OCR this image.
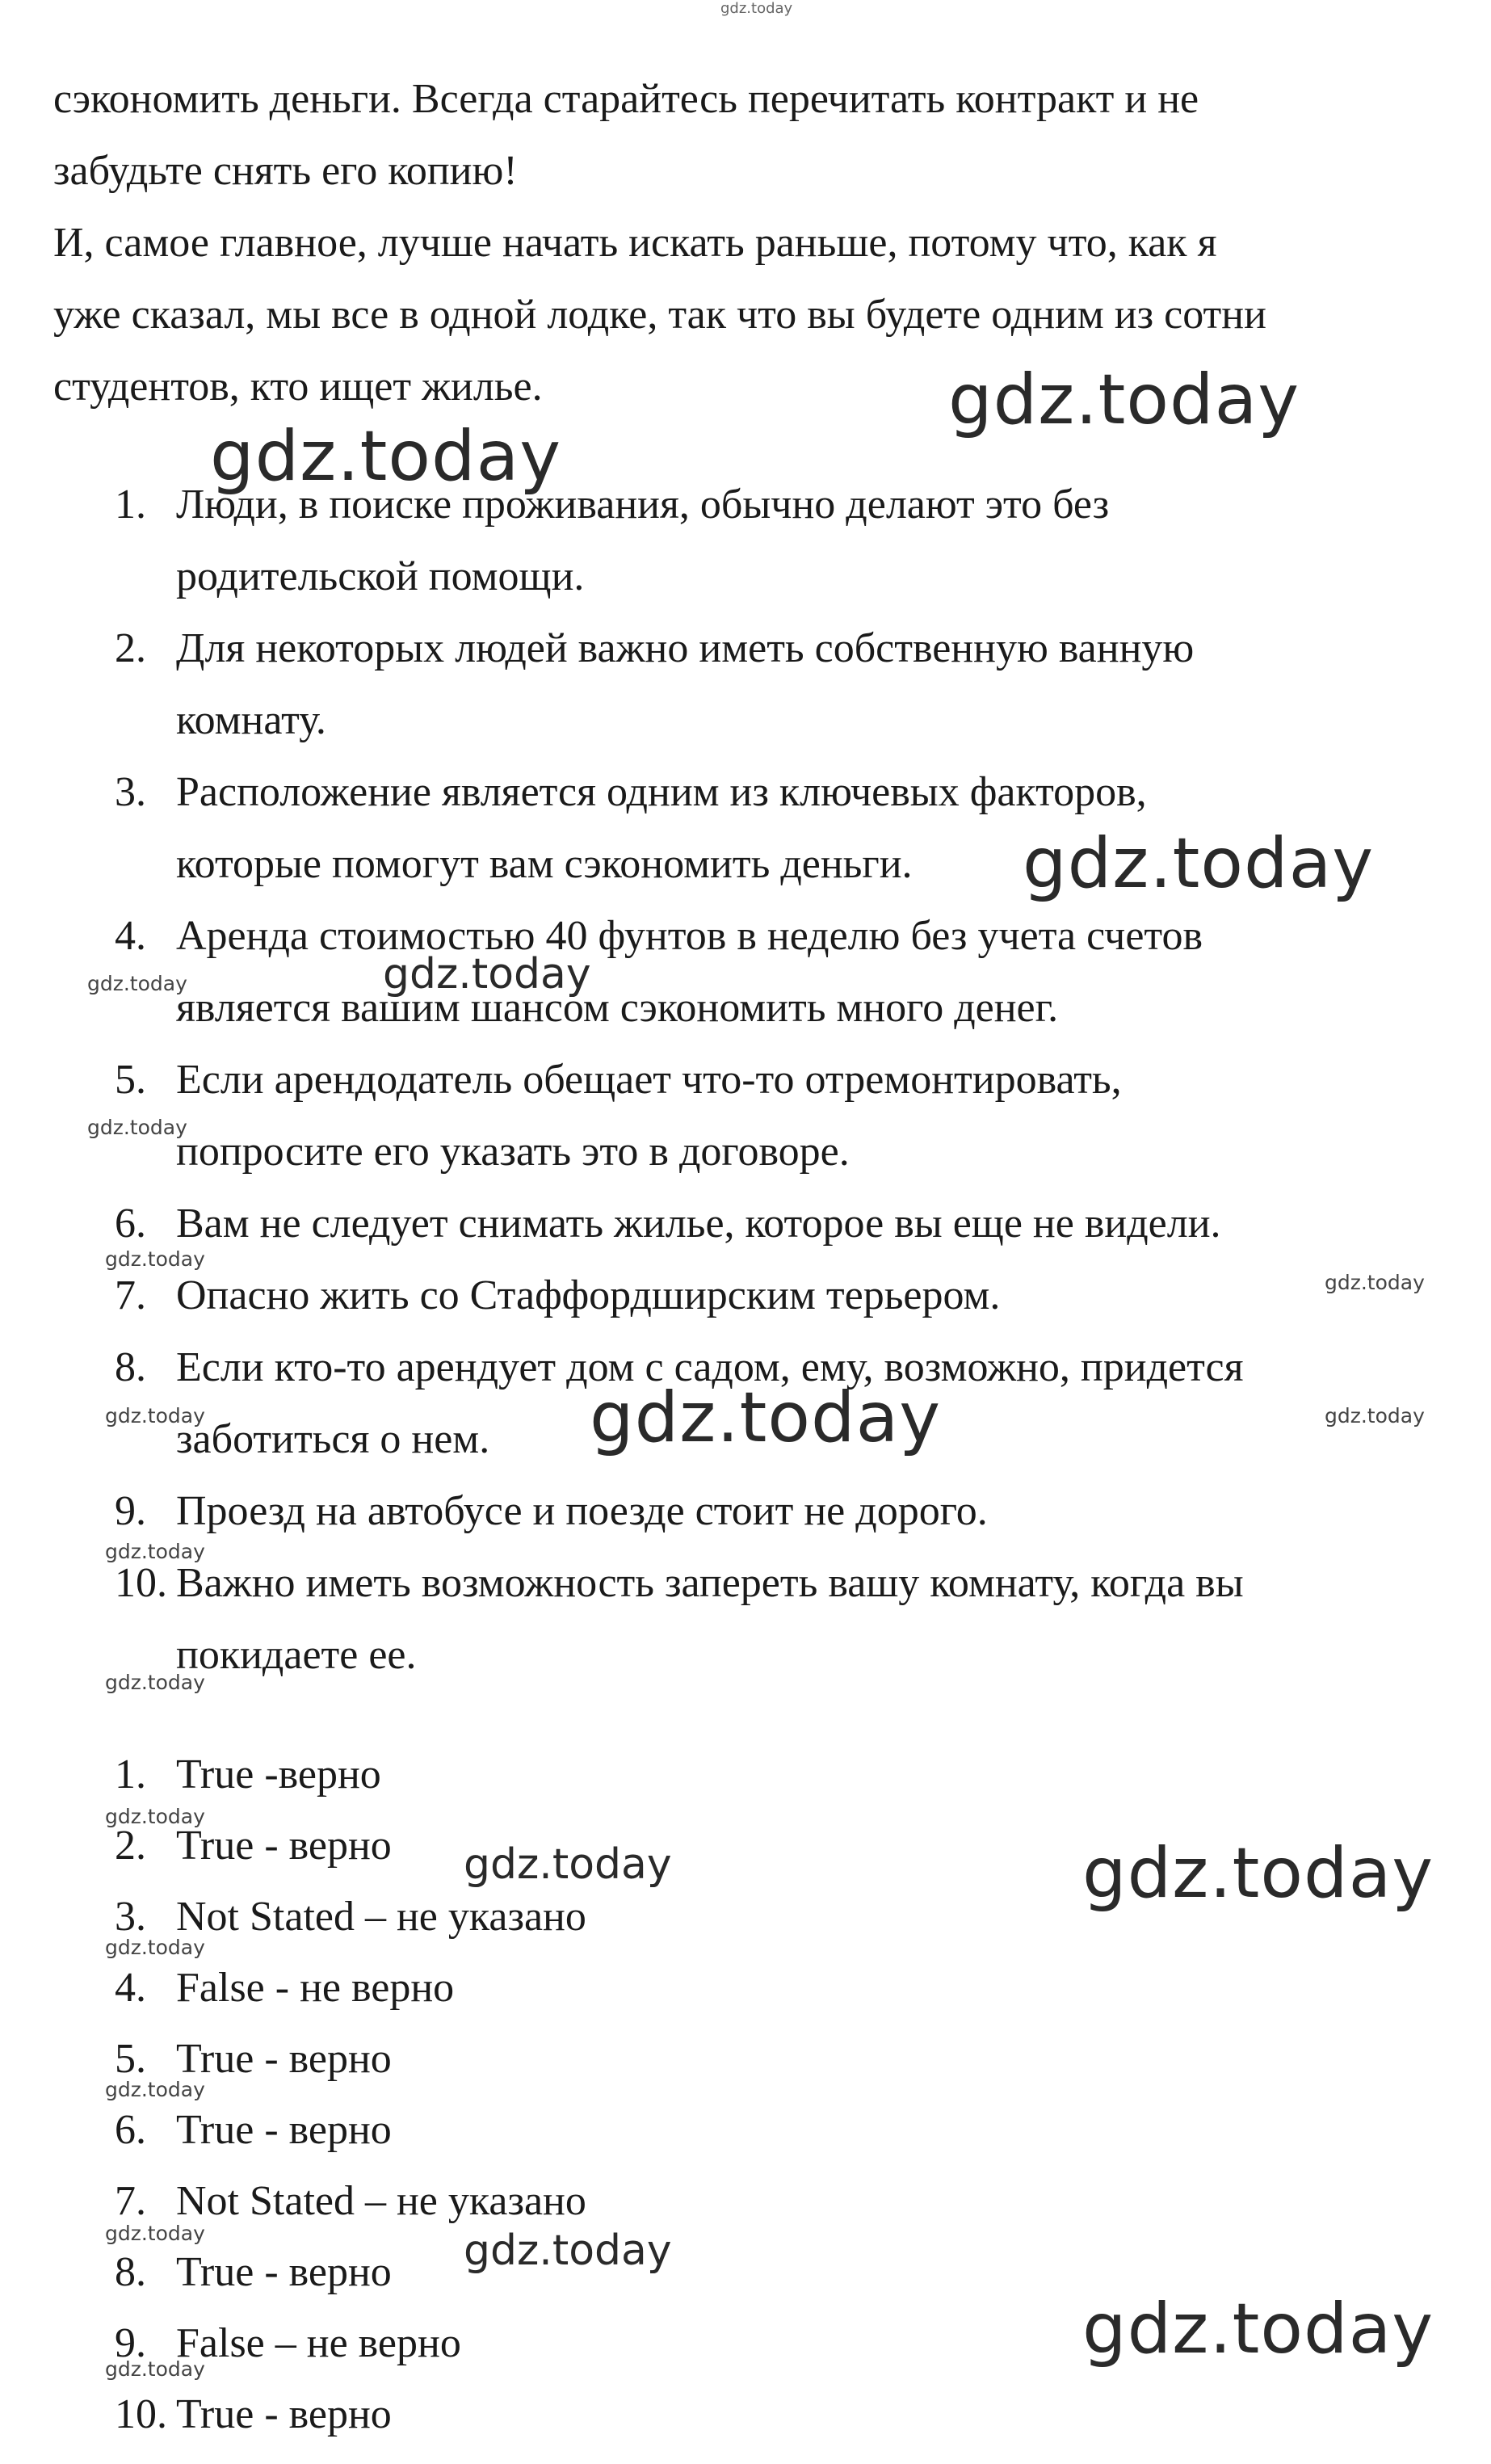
gdz.today
gdz.today
gdz.today
gdz.today
gdz.today	gdz.today
gdz.today
gdz.today
gdz.today
gdz.today	gdz.today
gdz.today
gdz.today
gdz.today
gdz.today
gdz.today	gdz.today
gdz.today
gdz.today
gdz.today	gdz.today
gdz.today
gdz.today
сэкономить деньги. Всегда старайтесь перечитать контракт и не
забудьте снять его копию!
И, самое главное, лучше начать искать раньше, потому что, как я
уже сказал, мы все в одной лодке, так что вы будете одним из сотни
студентов, кто ищет жилье.
1. Люди, в поиске проживания, обычно делают это без
родительской помощи.
2. Для некоторых людей важно иметь собственную ванную
комнату.
3. Расположение является одним из ключевых факторов,
которые помогут вам сэкономить деньги.
4. Аренда стоимостью 40 фунтов в неделю без учета счетов
является вашим шансом сэкономить много денег.
5. Если арендодатель обещает что-то отремонтировать,
попросите его указать это в договоре.
6. Вам не следует снимать жилье, которое вы еще не видели.
7. Опасно жить со Стаффордширским терьером.
8. Если кто-то арендует дом с садом, ему, возможно, придется
заботиться о нем.
9. Проезд на автобусе и поезде стоит не дорого.
10. Важно иметь возможность запереть вашу комнату, когда вы
покидаете ее.
1. True -верно
2. True - верно
3. Not Stated – не указано
4. False - не верно
5. True - верно
6. True - верно
7. Not Stated – не указано
8. True - верно
9. False – не верно
10. True - верно
